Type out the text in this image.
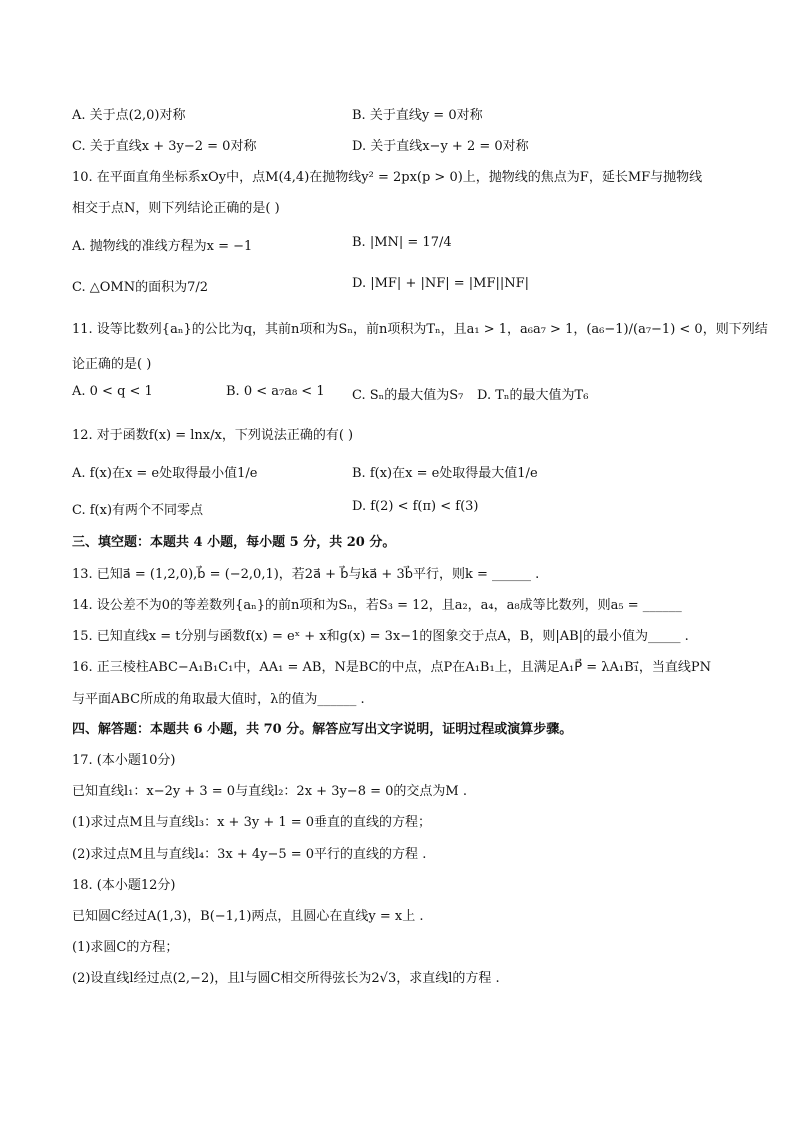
A. 关于点(2,0)对称	B. 关于直线y = 0对称
C. 关于直线x + 3y−2 = 0对称	D. 关于直线x−y + 2 = 0对称
10. 在平面直角坐标系xOy中，点M(4,4)在抛物线y² = 2px(p > 0)上，抛物线的焦点为F，延长MF与抛物线
相交于点N，则下列结论正确的是( )
A. 抛物线的准线方程为x = −1	B. |MN| = 17/4
C. △OMN的面积为7/2	D. |MF| + |NF| = |MF||NF|
11. 设等比数列{aₙ}的公比为q，其前n项和为Sₙ，前n项积为Tₙ，且a₁ > 1，a₆a₇ > 1，(a₆−1)/(a₇−1) < 0，则下列结
论正确的是( )
A. 0 < q < 1	B. 0 < a₇a₈ < 1 C. Sₙ的最大值为S₇ D. Tₙ的最大值为T₆
12. 对于函数f(x) = lnx/x，下列说法正确的有( )
A. f(x)在x = e处取得最小值1/e	B. f(x)在x = e处取得最大值1/e
C. f(x)有两个不同零点	D. f(2) < f(π) < f(3)
三、填空题：本题共 4 小题，每小题 5 分，共 20 分。
13. 已知a⃗ = (1,2,0),b⃗ = (−2,0,1)，若2a⃗ + b⃗与ka⃗ + 3b⃗平行，则k = ______ .
14. 设公差不为0的等差数列{aₙ}的前n项和为Sₙ，若S₃ = 12，且a₂，a₄，a₈成等比数列，则a₅ = ______
15. 已知直线x = t分别与函数f(x) = eˣ + x和g(x) = 3x−1的图象交于点A，B，则|AB|的最小值为_____ .
16. 正三棱柱ABC−A₁B₁C₁中，AA₁ = AB，N是BC的中点，点P在A₁B₁上，且满足A₁P⃗ = λA₁B₁⃗，当直线PN
与平面ABC所成的角取最大值时，λ的值为______ .
四、解答题：本题共 6 小题，共 70 分。解答应写出文字说明，证明过程或演算步骤。
17. (本小题10分)
已知直线l₁：x−2y + 3 = 0与直线l₂：2x + 3y−8 = 0的交点为M .
(1)求过点M且与直线l₃：x + 3y + 1 = 0垂直的直线的方程；
(2)求过点M且与直线l₄：3x + 4y−5 = 0平行的直线的方程 .
18. (本小题12分)
已知圆C经过A(1,3)，B(−1,1)两点，且圆心在直线y = x上 .
(1)求圆C的方程；
(2)设直线l经过点(2,−2)，且l与圆C相交所得弦长为2√3，求直线l的方程 .
